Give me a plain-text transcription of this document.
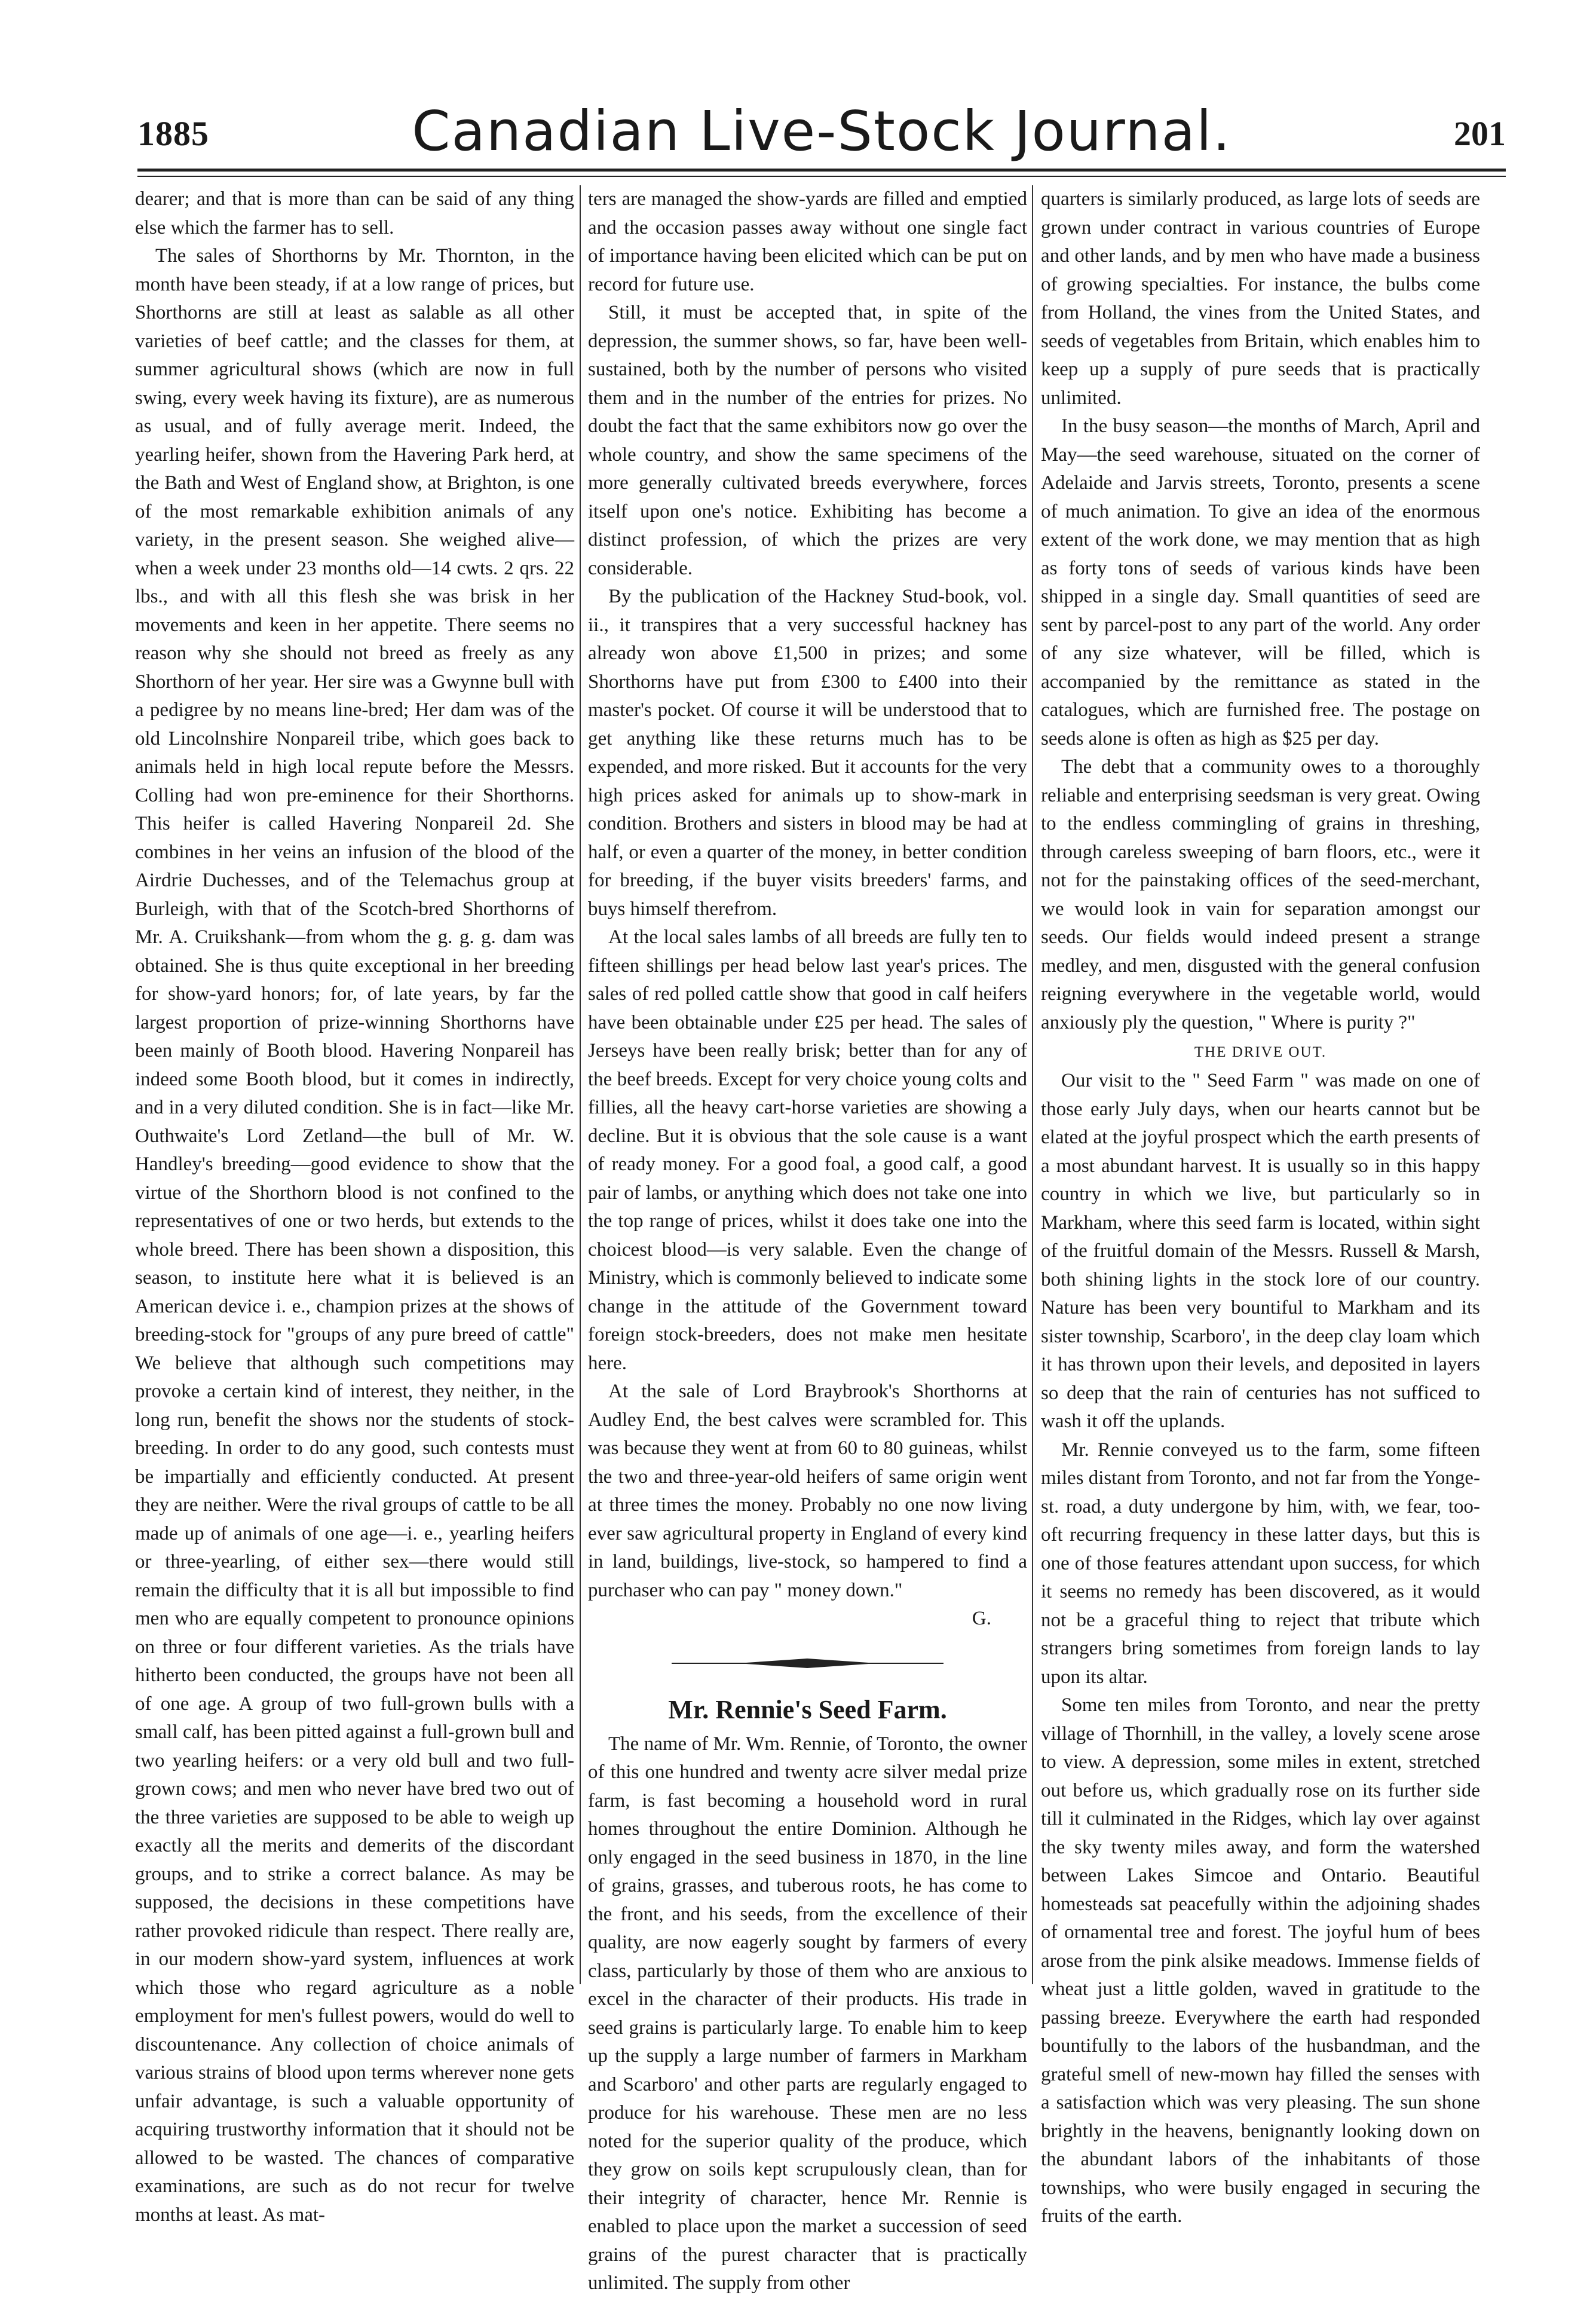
1885	Canadian Live-Stock Journal.	201

dearer; and that is more than can be said of any thing else which the farmer has to sell.

The sales of Shorthorns by Mr. Thornton, in the month have been steady, if at a low range of prices, but Shorthorns are still at least as salable as all other varieties of beef cattle; and the classes for them, at summer agricultural shows (which are now in full swing, every week having its fixture), are as numerous as usual, and of fully average merit. Indeed, the yearling heifer, shown from the Havering Park herd, at the Bath and West of England show, at Brighton, is one of the most remarkable exhibition animals of any variety, in the present season. She weighed alive—when a week under 23 months old—14 cwts. 2 qrs. 22 lbs., and with all this flesh she was brisk in her movements and keen in her appetite. There seems no reason why she should not breed as freely as any Shorthorn of her year. Her sire was a Gwynne bull with a pedigree by no means line-bred; Her dam was of the old Lincolnshire Nonpareil tribe, which goes back to animals held in high local repute before the Messrs. Colling had won pre-eminence for their Shorthorns. This heifer is called Havering Nonpareil 2d. She combines in her veins an infusion of the blood of the Airdrie Duchesses, and of the Telemachus group at Burleigh, with that of the Scotch-bred Shorthorns of Mr. A. Cruikshank—from whom the g. g. g. dam was obtained. She is thus quite exceptional in her breeding for show-yard honors; for, of late years, by far the largest proportion of prize-winning Shorthorns have been mainly of Booth blood. Havering Nonpareil has indeed some Booth blood, but it comes in indirectly, and in a very diluted condition. She is in fact—like Mr. Outhwaite's Lord Zetland—the bull of Mr. W. Handley's breeding—good evidence to show that the virtue of the Shorthorn blood is not confined to the representatives of one or two herds, but extends to the whole breed. There has been shown a disposition, this season, to institute here what it is believed is an American device i. e., champion prizes at the shows of breeding-stock for "groups of any pure breed of cattle" We believe that although such competitions may provoke a certain kind of interest, they neither, in the long run, benefit the shows nor the students of stock-breeding. In order to do any good, such contests must be impartially and efficiently conducted. At present they are neither. Were the rival groups of cattle to be all made up of animals of one age—i. e., yearling heifers or three-yearling, of either sex—there would still remain the difficulty that it is all but impossible to find men who are equally competent to pronounce opinions on three or four different varieties. As the trials have hitherto been conducted, the groups have not been all of one age. A group of two full-grown bulls with a small calf, has been pitted against a full-grown bull and two yearling heifers: or a very old bull and two full-grown cows; and men who never have bred two out of the three varieties are supposed to be able to weigh up exactly all the merits and demerits of the discordant groups, and to strike a correct balance. As may be supposed, the decisions in these competitions have rather provoked ridicule than respect. There really are, in our modern show-yard system, influences at work which those who regard agriculture as a noble employment for men's fullest powers, would do well to discountenance. Any collection of choice animals of various strains of blood upon terms wherever none gets unfair advantage, is such a valuable opportunity of acquiring trustworthy information that it should not be allowed to be wasted. The chances of comparative examinations, are such as do not recur for twelve months at least. As mat-

ters are managed the show-yards are filled and emptied and the occasion passes away without one single fact of importance having been elicited which can be put on record for future use.

Still, it must be accepted that, in spite of the depression, the summer shows, so far, have been well-sustained, both by the number of persons who visited them and in the number of the entries for prizes. No doubt the fact that the same exhibitors now go over the whole country, and show the same specimens of the more generally cultivated breeds everywhere, forces itself upon one's notice. Exhibiting has become a distinct profession, of which the prizes are very considerable.

By the publication of the Hackney Stud-book, vol. ii., it transpires that a very successful hackney has already won above £1,500 in prizes; and some Shorthorns have put from £300 to £400 into their master's pocket. Of course it will be understood that to get anything like these returns much has to be expended, and more risked. But it accounts for the very high prices asked for animals up to show-mark in condition. Brothers and sisters in blood may be had at half, or even a quarter of the money, in better condition for breeding, if the buyer visits breeders' farms, and buys himself therefrom.

At the local sales lambs of all breeds are fully ten to fifteen shillings per head below last year's prices. The sales of red polled cattle show that good in calf heifers have been obtainable under £25 per head. The sales of Jerseys have been really brisk; better than for any of the beef breeds. Except for very choice young colts and fillies, all the heavy cart-horse varieties are showing a decline. But it is obvious that the sole cause is a want of ready money. For a good foal, a good calf, a good pair of lambs, or anything which does not take one into the top range of prices, whilst it does take one into the choicest blood—is very salable. Even the change of Ministry, which is commonly believed to indicate some change in the attitude of the Government toward foreign stock-breeders, does not make men hesitate here.

At the sale of Lord Braybrook's Shorthorns at Audley End, the best calves were scrambled for. This was because they went at from 60 to 80 guineas, whilst the two and three-year-old heifers of same origin went at three times the money. Probably no one now living ever saw agricultural property in England of every kind in land, buildings, live-stock, so hampered to find a purchaser who can pay " money down."

G.

Mr. Rennie's Seed Farm.

The name of Mr. Wm. Rennie, of Toronto, the owner of this one hundred and twenty acre silver medal prize farm, is fast becoming a household word in rural homes throughout the entire Dominion. Although he only engaged in the seed business in 1870, in the line of grains, grasses, and tuberous roots, he has come to the front, and his seeds, from the excellence of their quality, are now eagerly sought by farmers of every class, particularly by those of them who are anxious to excel in the character of their products. His trade in seed grains is particularly large. To enable him to keep up the supply a large number of farmers in Markham and Scarboro' and other parts are regularly engaged to produce for his warehouse. These men are no less noted for the superior quality of the produce, which they grow on soils kept scrupulously clean, than for their integrity of character, hence Mr. Rennie is enabled to place upon the market a succession of seed grains of the purest character that is practically unlimited. The supply from other

quarters is similarly produced, as large lots of seeds are grown under contract in various countries of Europe and other lands, and by men who have made a business of growing specialties. For instance, the bulbs come from Holland, the vines from the United States, and seeds of vegetables from Britain, which enables him to keep up a supply of pure seeds that is practically unlimited.

In the busy season—the months of March, April and May—the seed warehouse, situated on the corner of Adelaide and Jarvis streets, Toronto, presents a scene of much animation. To give an idea of the enormous extent of the work done, we may mention that as high as forty tons of seeds of various kinds have been shipped in a single day. Small quantities of seed are sent by parcel-post to any part of the world. Any order of any size whatever, will be filled, which is accompanied by the remittance as stated in the catalogues, which are furnished free. The postage on seeds alone is often as high as $25 per day.

The debt that a community owes to a thoroughly reliable and enterprising seedsman is very great. Owing to the endless commingling of grains in threshing, through careless sweeping of barn floors, etc., were it not for the painstaking offices of the seed-merchant, we would look in vain for separation amongst our seeds. Our fields would indeed present a strange medley, and men, disgusted with the general confusion reigning everywhere in the vegetable world, would anxiously ply the question, " Where is purity ?"

THE DRIVE OUT.

Our visit to the " Seed Farm " was made on one of those early July days, when our hearts cannot but be elated at the joyful prospect which the earth presents of a most abundant harvest. It is usually so in this happy country in which we live, but particularly so in Markham, where this seed farm is located, within sight of the fruitful domain of the Messrs. Russell & Marsh, both shining lights in the stock lore of our country. Nature has been very bountiful to Markham and its sister township, Scarboro', in the deep clay loam which it has thrown upon their levels, and deposited in layers so deep that the rain of centuries has not sufficed to wash it off the uplands.

Mr. Rennie conveyed us to the farm, some fifteen miles distant from Toronto, and not far from the Yonge-st. road, a duty undergone by him, with, we fear, too-oft recurring frequency in these latter days, but this is one of those features attendant upon success, for which it seems no remedy has been discovered, as it would not be a graceful thing to reject that tribute which strangers bring sometimes from foreign lands to lay upon its altar.

Some ten miles from Toronto, and near the pretty village of Thornhill, in the valley, a lovely scene arose to view. A depression, some miles in extent, stretched out before us, which gradually rose on its further side till it culminated in the Ridges, which lay over against the sky twenty miles away, and form the watershed between Lakes Simcoe and Ontario. Beautiful homesteads sat peacefully within the adjoining shades of ornamental tree and forest. The joyful hum of bees arose from the pink alsike meadows. Immense fields of wheat just a little golden, waved in gratitude to the passing breeze. Everywhere the earth had responded bountifully to the labors of the husbandman, and the grateful smell of new-mown hay filled the senses with a satisfaction which was very pleasing. The sun shone brightly in the heavens, benignantly looking down on the abundant labors of the inhabitants of those townships, who were busily engaged in securing the fruits of the earth.
